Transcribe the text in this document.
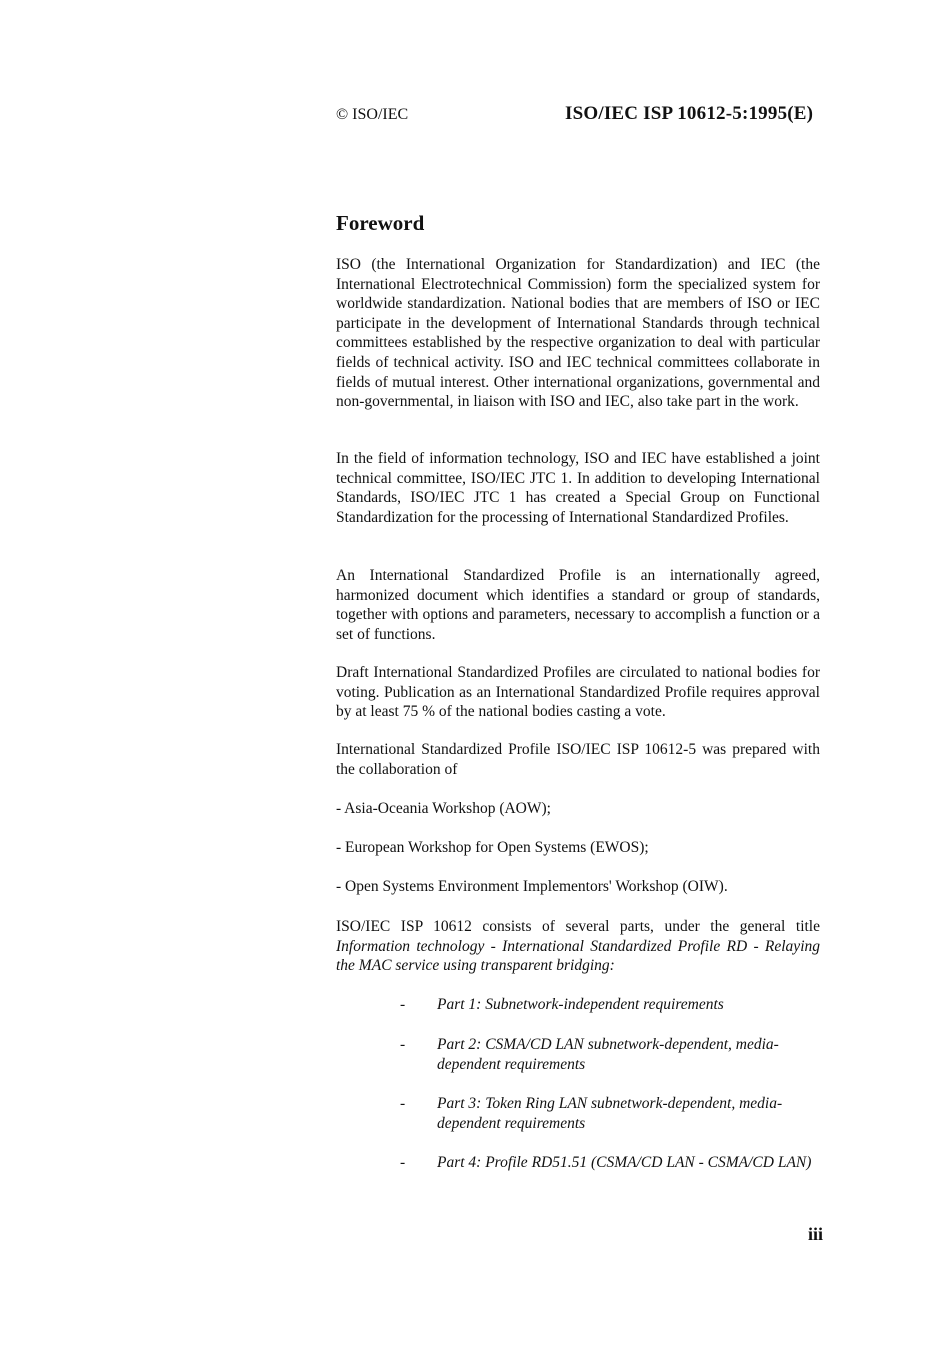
© ISO/IEC	ISO/IEC ISP 10612-5:1995(E)
Foreword

ISO (the International Organization for Standardization) and IEC (the International Electrotechnical Commission) form the specialized system for worldwide standardization. National bodies that are members of ISO or IEC participate in the development of International Standards through technical committees established by the respective organization to deal with particular fields of technical activity. ISO and IEC technical committees collaborate in fields of mutual interest. Other international organizations, governmental and non-governmental, in liaison with ISO and IEC, also take part in the work.

In the field of information technology, ISO and IEC have established a joint technical committee, ISO/IEC JTC 1. In addition to developing International Standards, ISO/IEC JTC 1 has created a Special Group on Functional Standardization for the processing of International Standardized Profiles.

An International Standardized Profile is an internationally agreed, harmonized document which identifies a standard or group of standards, together with options and parameters, necessary to accomplish a function or a set of functions.

Draft International Standardized Profiles are circulated to national bodies for voting. Publication as an International Standardized Profile requires approval by at least 75 % of the national bodies casting a vote.

International Standardized Profile ISO/IEC ISP 10612-5 was prepared with the collaboration of

- Asia-Oceania Workshop (AOW);
- European Workshop for Open Systems (EWOS);
- Open Systems Environment Implementors' Workshop (OIW).

ISO/IEC ISP 10612 consists of several parts, under the general title Information technology - International Standardized Profile RD - Relaying the MAC service using transparent bridging:

- Part 1: Subnetwork-independent requirements
- Part 2: CSMA/CD LAN subnetwork-dependent, media-dependent requirements
- Part 3: Token Ring LAN subnetwork-dependent, media-dependent requirements
- Part 4: Profile RD51.51 (CSMA/CD LAN - CSMA/CD LAN)
iii
